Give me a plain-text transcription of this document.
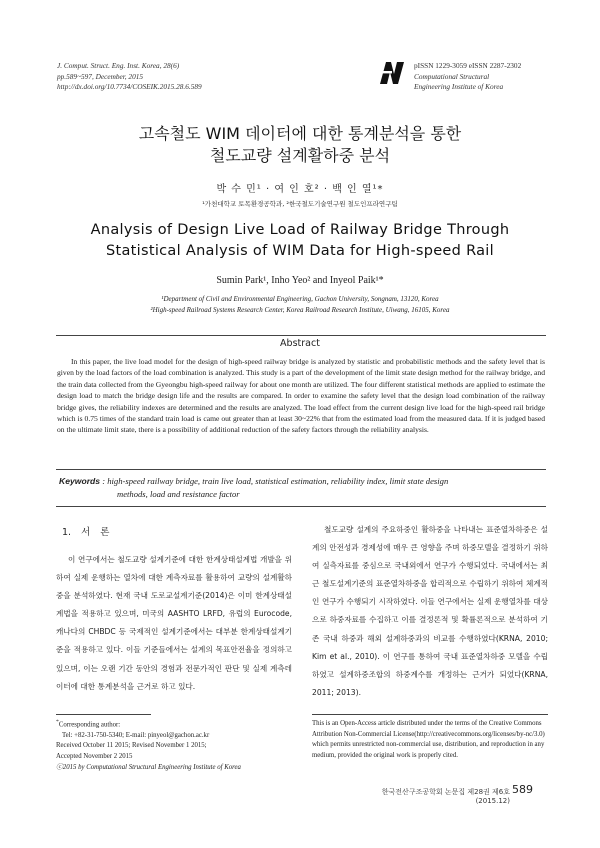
J. Comput. Struct. Eng. Inst. Korea, 28(6)
pp.589~597, December, 2015
http://dx.doi.org/10.7734/COSEIK.2015.28.6.589
pISSN 1229-3059 eISSN 2287-2302
Computational Structural
Engineering Institute of Korea
고속철도 WIM 데이터에 대한 통계분석을 통한
철도교량 설계활하중 분석
박 수 민¹ · 여 인 호² · 백 인 열¹*
¹가천대학교 토목환경공학과, ²한국철도기술연구원 철도인프라연구팀
Analysis of Design Live Load of Railway Bridge Through
Statistical Analysis of WIM Data for High-speed Rail
Sumin Park¹, Inho Yeo² and Inyeol Paik¹*
¹Department of Civil and Environmental Engineering, Gachon University, Songnam, 13120, Korea
²High-speed Railroad Systems Research Center, Korea Railroad Research Institute, Uiwang, 16105, Korea
Abstract
In this paper, the live load model for the design of high-speed railway bridge is analyzed by statistic and probabilistic methods and the safety level that is given by the load factors of the load combination is analyzed. This study is a part of the development of the limit state design method for the railway bridge, and the train data collected from the Gyeongbu high-speed railway for about one month are utilized. The four different statistical methods are applied to estimate the design load to match the bridge design life and the results are compared. In order to examine the safety level that the design load combination of the railway bridge gives, the reliability indexes are determined and the results are analyzed. The load effect from the current design live load for the high-speed rail bridge which is 0.75 times of the standard train load is came out greater than at least 30~22% that from the estimated load from the measured data. If it is judged based on the ultimate limit state, there is a possibility of additional reduction of the safety factors through the reliability analysis.
Keywords : high-speed railway bridge, train live load, statistical estimation, reliability index, limit state design
methods, load and resistance factor
1. 서 론

이 연구에서는 철도교량 설계기준에 대한 한계상태설계법 개발을 위하여 실제 운행하는 열차에 대한 계측자료를 활용하여 교량의 설계활하중을 분석하였다. 현재 국내 도로교설계기준(2014)은 이미 한계상태설계법을 적용하고 있으며, 미국의 AASHTO LRFD, 유럽의 Eurocode, 캐나다의 CHBDC 등 국제적인 설계기준에서는 대부분 한계상태설계기준을 적용하고 있다. 이들 기준들에서는 설계의 목표안전율을 정의하고 있으며, 이는 오랜 기간 동안의 경험과 전문가적인 판단 및 실제 계측데이터에 대한 통계분석을 근거로 하고 있다.

철도교량 설계의 주요하중인 활하중을 나타내는 표준열차하중은 설계의 안전성과 경제성에 매우 큰 영향을 주며 하중모델을 결정하기 위하여 실측자료를 중심으로 국내외에서 연구가 수행되었다. 국내에서는 최근 철도설계기준의 표준열차하중을 합리적으로 수립하기 위하여 체계적인 연구가 수행되기 시작하였다. 이들 연구에서는 실제 운행열차를 대상으로 하중자료를 수집하고 이를 결정론적 및 확률론적으로 분석하여 기존 국내 하중과 해외 설계하중과의 비교를 수행하였다(KRNA, 2010; Kim et al., 2010). 이 연구를 통하여 국내 표준열차하중 모델을 수립하였고 설계하중조합의 하중계수를 개정하는 근거가 되었다(KRNA, 2011; 2013).

*Corresponding author:
Tel: +82-31-750-5340; E-mail: pinyeol@gachon.ac.kr
Received October 11 2015; Revised November 1 2015;
Accepted November 2 2015
ⓒ2015 by Computational Structural Engineering Institute of Korea
This is an Open-Access article distributed under the terms of the Creative Commons Attribution Non-Commercial License(http://creativecommons.org/licenses/by-nc/3.0) which permits unrestricted non-commercial use, distribution, and reproduction in any medium, provided the original work is properly cited.
한국전산구조공학회 논문집 제28권 제6호(2015.12)
589
